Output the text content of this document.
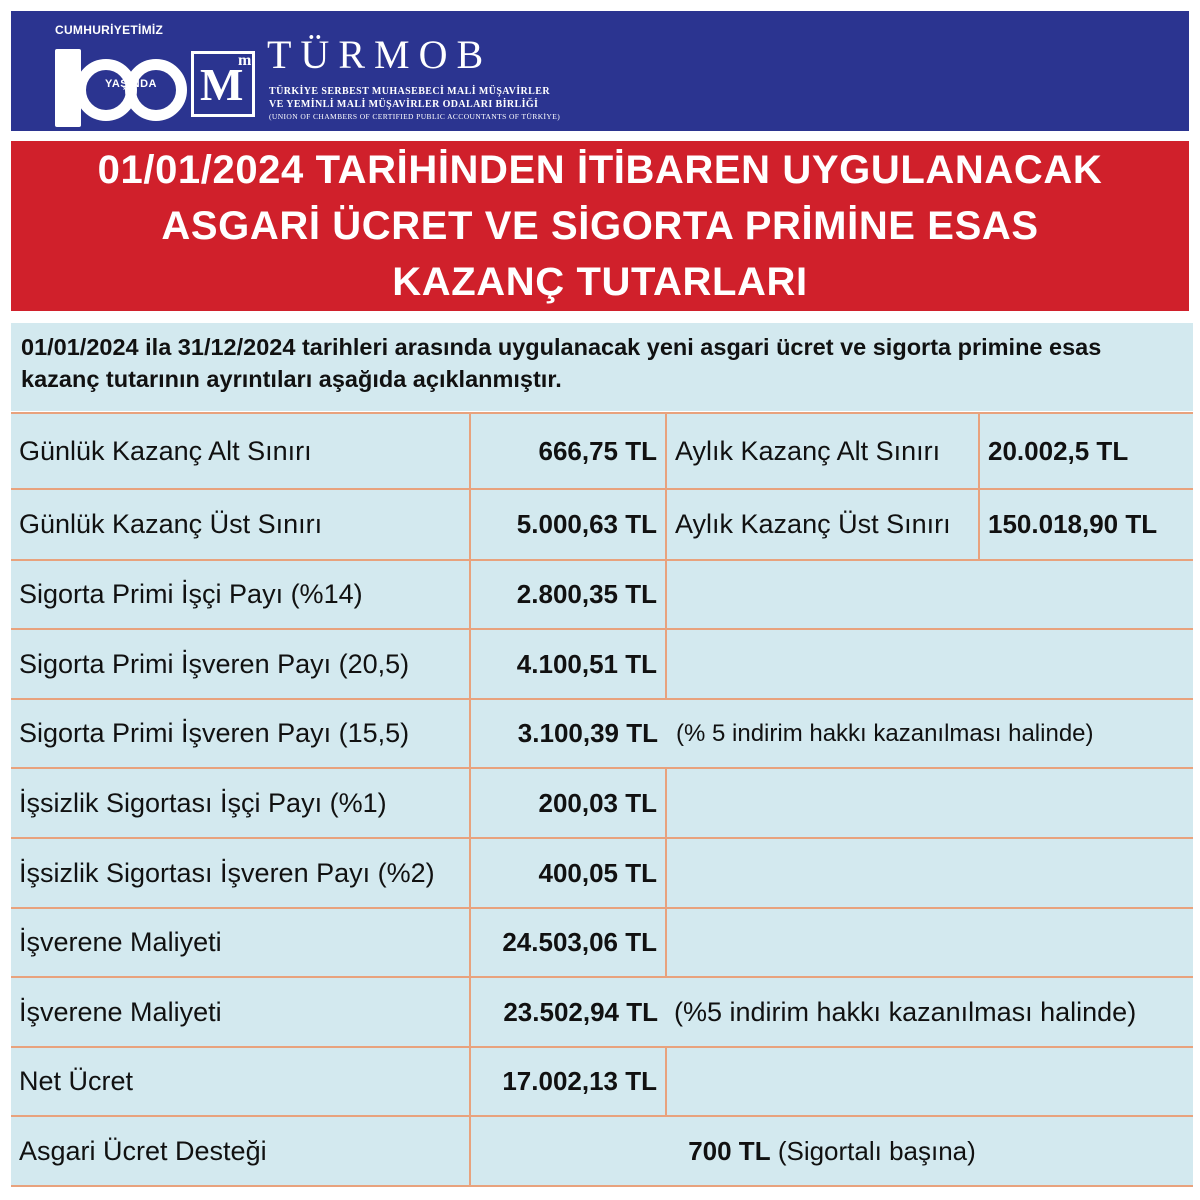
CUMHURİYETİMİZ
YAŞINDA M
m TÜRMOB
TÜRKİYE SERBEST MUHASEBECİ MALİ MÜŞAVİRLER
VE YEMİNLİ MALİ MÜŞAVİRLER ODALARI BİRLİĞİ
(UNION OF CHAMBERS OF CERTIFIED PUBLIC ACCOUNTANTS OF TÜRKİYE)
01/01/2024 TARİHİNDEN İTİBAREN UYGULANACAK
ASGARİ ÜCRET VE SİGORTA PRİMİNE ESAS
KAZANÇ TUTARLARI
01/01/2024 ila 31/12/2024 tarihleri arasında uygulanacak yeni asgari ücret ve sigorta primine esas kazanç tutarının ayrıntıları aşağıda açıklanmıştır.
Günlük Kazanç Alt Sınırı	666,75 TL	Aylık Kazanç Alt Sınırı	20.002,5 TL
Günlük Kazanç Üst Sınırı	5.000,63 TL	Aylık Kazanç Üst Sınırı	150.018,90 TL
Sigorta Primi İşçi Payı (%14)	2.800,35 TL		
Sigorta Primi İşveren Payı (20,5)	4.100,51 TL		
Sigorta Primi İşveren Payı (15,5)	3.100,39 TL	(% 5 indirim hakkı kazanılması halinde)	
İşsizlik Sigortası İşçi Payı (%1)	200,03 TL		
İşsizlik Sigortası İşveren Payı (%2)	400,05 TL		
İşverene Maliyeti	24.503,06 TL		
İşverene Maliyeti	23.502,94 TL	(%5 indirim hakkı kazanılması halinde)	
Net Ücret	17.002,13 TL		
Asgari Ücret Desteği	700 TL (Sigortalı başına)		
